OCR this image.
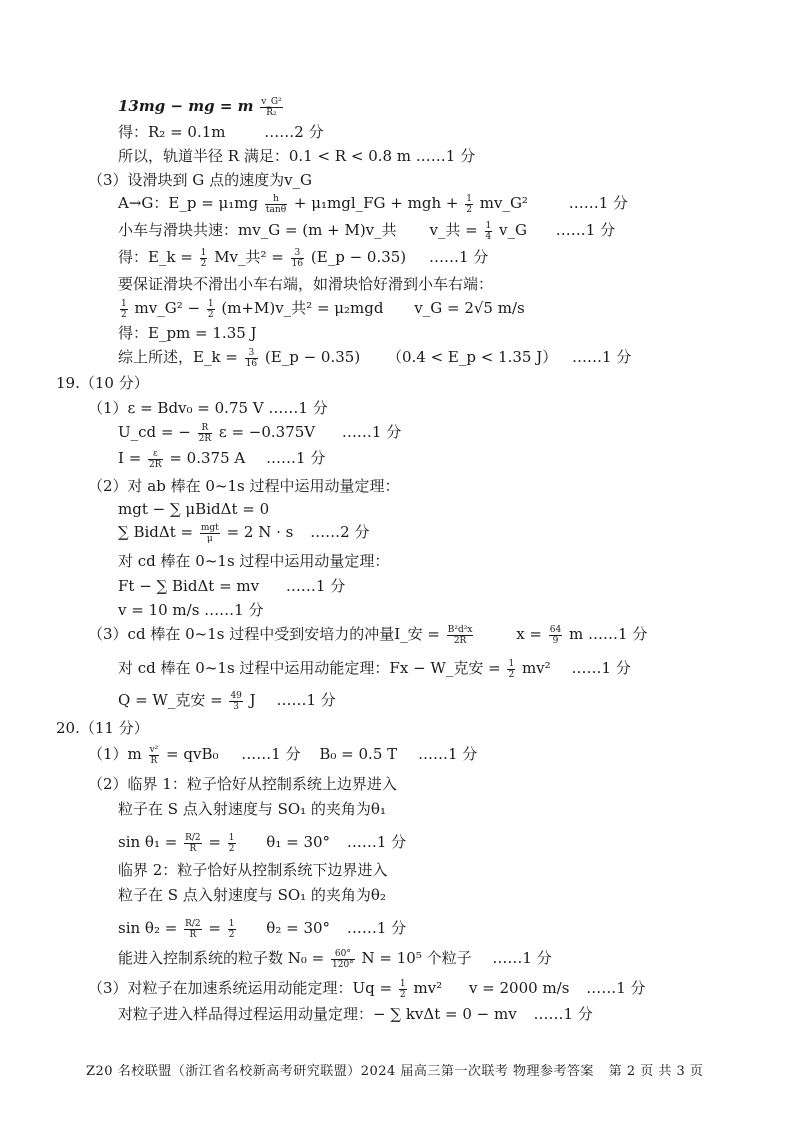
13mg − mg = m $\frac{\text{v\_G²}}{\text{R₂}}$
得：R₂ = 0.1m	……2 分
所以，轨道半径 R 满足：0.1 < R < 0.8 m ……1 分
（3）设滑块到 G 点的速度为v_G
A→G：E_p = $\mu_1mg \frac{h}{\tan\theta}$ + μ₁mgl_FG + mgh + $\frac{1}{2}$ mv_G²	……1 分
小车与滑块共速：mv_G = (m + M)v_共 v_共 = $\frac{1}{4}$ v_G ……1 分
得：E_k = $\frac{1}{2}$ Mv_共$^2 = \frac{3}{16}$ (E_p − 0.35) ……1 分
要保证滑块不滑出小车右端，如滑块恰好滑到小车右端：
$\frac{1}{2}$ mv_G² − $\frac{1}{2}$ (m+M)v_共² = μ₂mgd v_G = 2√5 m/s
得：E_pm = 1.35 J
综上所述，E_k = $\frac{3}{16}$ (E_p − 0.35) （0.4 < E_p < 1.35 J） ……1 分
19.（10 分）
（1）ε = Bdv₀ = 0.75 V ……1 分
U_cd = − $\frac{R}{2R}$ ε = −0.375V ……1 分
$I = \frac{\varepsilon}{2R} = 0.375$ A ……1 分
（2）对 ab 棒在 0~1s 过程中运用动量定理：
mgt − ∑ μBidΔt = 0
∑ $Bid\Delta t = \frac{\text{mgt}}{\mu} = 2$ N · s ……2 分
对 cd 棒在 0~1s 过程中运用动量定理：
Ft − ∑ BidΔt = mv ……1 分
v = 10 m/s ……1 分
（3）cd 棒在 0~1s 过程中受到安培力的冲量I_安 = $\frac{\text{B²d²x}}{2R}$	$x = \frac{64}{9}$ m ……1 分
对 cd 棒在 0~1s 过程中运用动能定理：Fx − W_克安 = $\frac{1}{2} mv^2$ ……1 分
Q = W_克安 = $\frac{49}{3}$ J ……1 分
20.（11 分）
$(1)m \frac{\text{v²}}{R} = qvB_0$ ……1 分 B₀ = 0.5 T ……1 分
（2）临界 1：粒子恰好从控制系统上边界进入
粒子在 S 点入射速度与 SO₁ 的夹角为θ₁
$\sin \theta_1 = \frac{R/2}{R} = \frac{1}{2} \theta_1 = 30^\circ$ ……1 分
临界 2：粒子恰好从控制系统下边界进入
粒子在 S 点入射速度与 SO₁ 的夹角为θ₂
$\sin \theta_2 = \frac{R/2}{R} = \frac{1}{2} \theta_2 = 30^\circ$ ……1 分
能进入控制系统的粒子数 $N_0 = \frac{60^\circ}{120^\circ}$ N = 10⁵ 个粒子 ……1 分
（3）对粒子在加速系统运用动能定理：$Uq = \frac{1}{2} mv^2$ v = 2000 m/s ……1 分
对粒子进入样品得过程运用动量定理：− ∑ kvΔt = 0 − mv ……1 分
Z20 名校联盟（浙江省名校新高考研究联盟）2024 届高三第一次联考 物理参考答案 第 2 页 共 3 页
